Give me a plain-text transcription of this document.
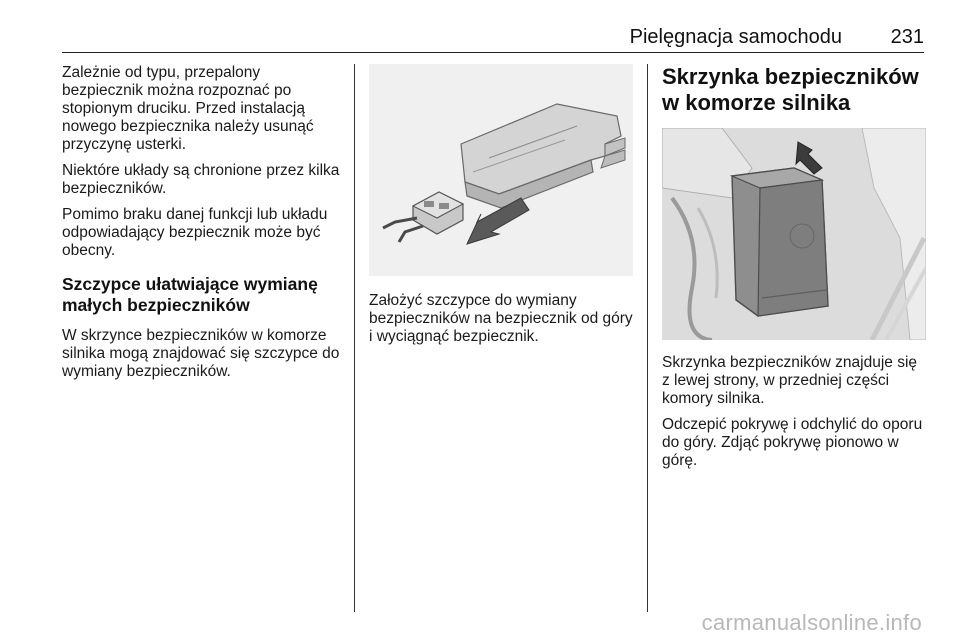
Pielęgnacja samochodu 231

Zależnie od typu, przepalony bezpiecznik można rozpoznać po stopionym druciku. Przed instalacją nowego bezpiecznika należy usunąć przyczynę usterki.

Niektóre układy są chronione przez kilka bezpieczników.

Pomimo braku danej funkcji lub układu odpowiadający bezpiecznik może być obecny.

Szczypce ułatwiające wymianę małych bezpieczników

W skrzynce bezpieczników w komorze silnika mogą znajdować się szczypce do wymiany bezpieczników.

Założyć szczypce do wymiany bezpieczników na bezpiecznik od góry i wyciągnąć bezpiecznik.

Skrzynka bezpieczników w komorze silnika

Skrzynka bezpieczników znajduje się z lewej strony, w przedniej części komory silnika.

Odczepić pokrywę i odchylić do oporu do góry. Zdjąć pokrywę pionowo w górę.

carmanualsonline.info
